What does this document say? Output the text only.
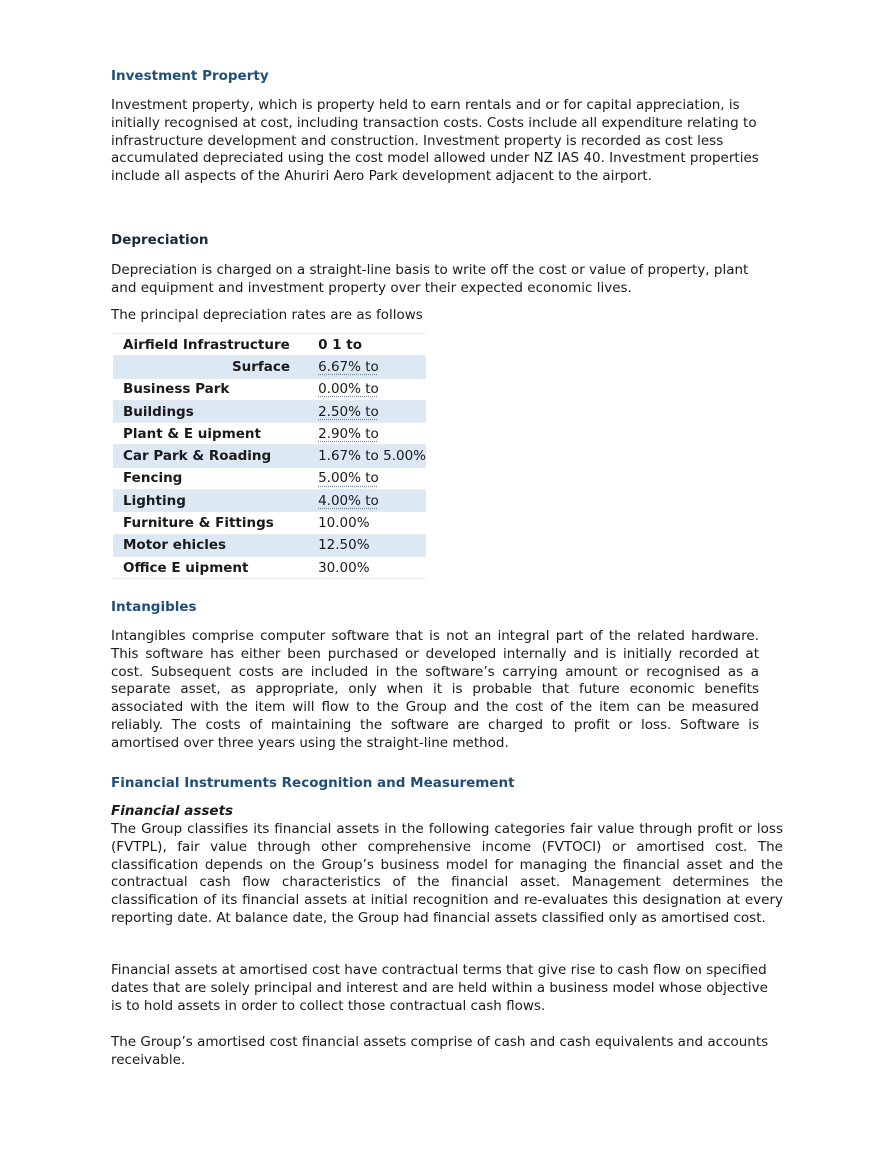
Investment Property

Investment property, which is property held to earn rentals and or for capital appreciation, is initially recognised at cost, including transaction costs. Costs include all expenditure relating to infrastructure development and construction. Investment property is recorded as cost less accumulated depreciated using the cost model allowed under NZ IAS 40. Investment properties include all aspects of the Ahuriri Aero Park development adjacent to the airport.

Depreciation

Depreciation is charged on a straight-line basis to write off the cost or value of property, plant and equipment and investment property over their expected economic lives.

The principal depreciation rates are as follows

Airfield Infrastructure	0 1 to
Surface	6.67% to
Business Park	0.00% to
Buildings	2.50% to
Plant & E uipment	2.90% to
Car Park & Roading	1.67% to 5.00%
Fencing	5.00% to
Lighting	4.00% to
Furniture & Fittings	10.00%
Motor ehicles	12.50%
Office E uipment	30.00%
Intangibles

Intangibles comprise computer software that is not an integral part of the related hardware. This software has either been purchased or developed internally and is initially recorded at cost. Subsequent costs are included in the software’s carrying amount or recognised as a separate asset, as appropriate, only when it is probable that future economic benefits associated with the item will flow to the Group and the cost of the item can be measured reliably. The costs of maintaining the software are charged to profit or loss. Software is amortised over three years using the straight-line method.

Financial Instruments Recognition and Measurement
Financial assets

The Group classifies its financial assets in the following categories fair value through profit or loss (FVTPL), fair value through other comprehensive income (FVTOCI) or amortised cost. The classification depends on the Group’s business model for managing the financial asset and the contractual cash flow characteristics of the financial asset. Management determines the classification of its financial assets at initial recognition and re-evaluates this designation at every reporting date. At balance date, the Group had financial assets classified only as amortised cost.

Financial assets at amortised cost have contractual terms that give rise to cash flow on specified dates that are solely principal and interest and are held within a business model whose objective is to hold assets in order to collect those contractual cash flows.

The Group’s amortised cost financial assets comprise of cash and cash equivalents and accounts receivable.
